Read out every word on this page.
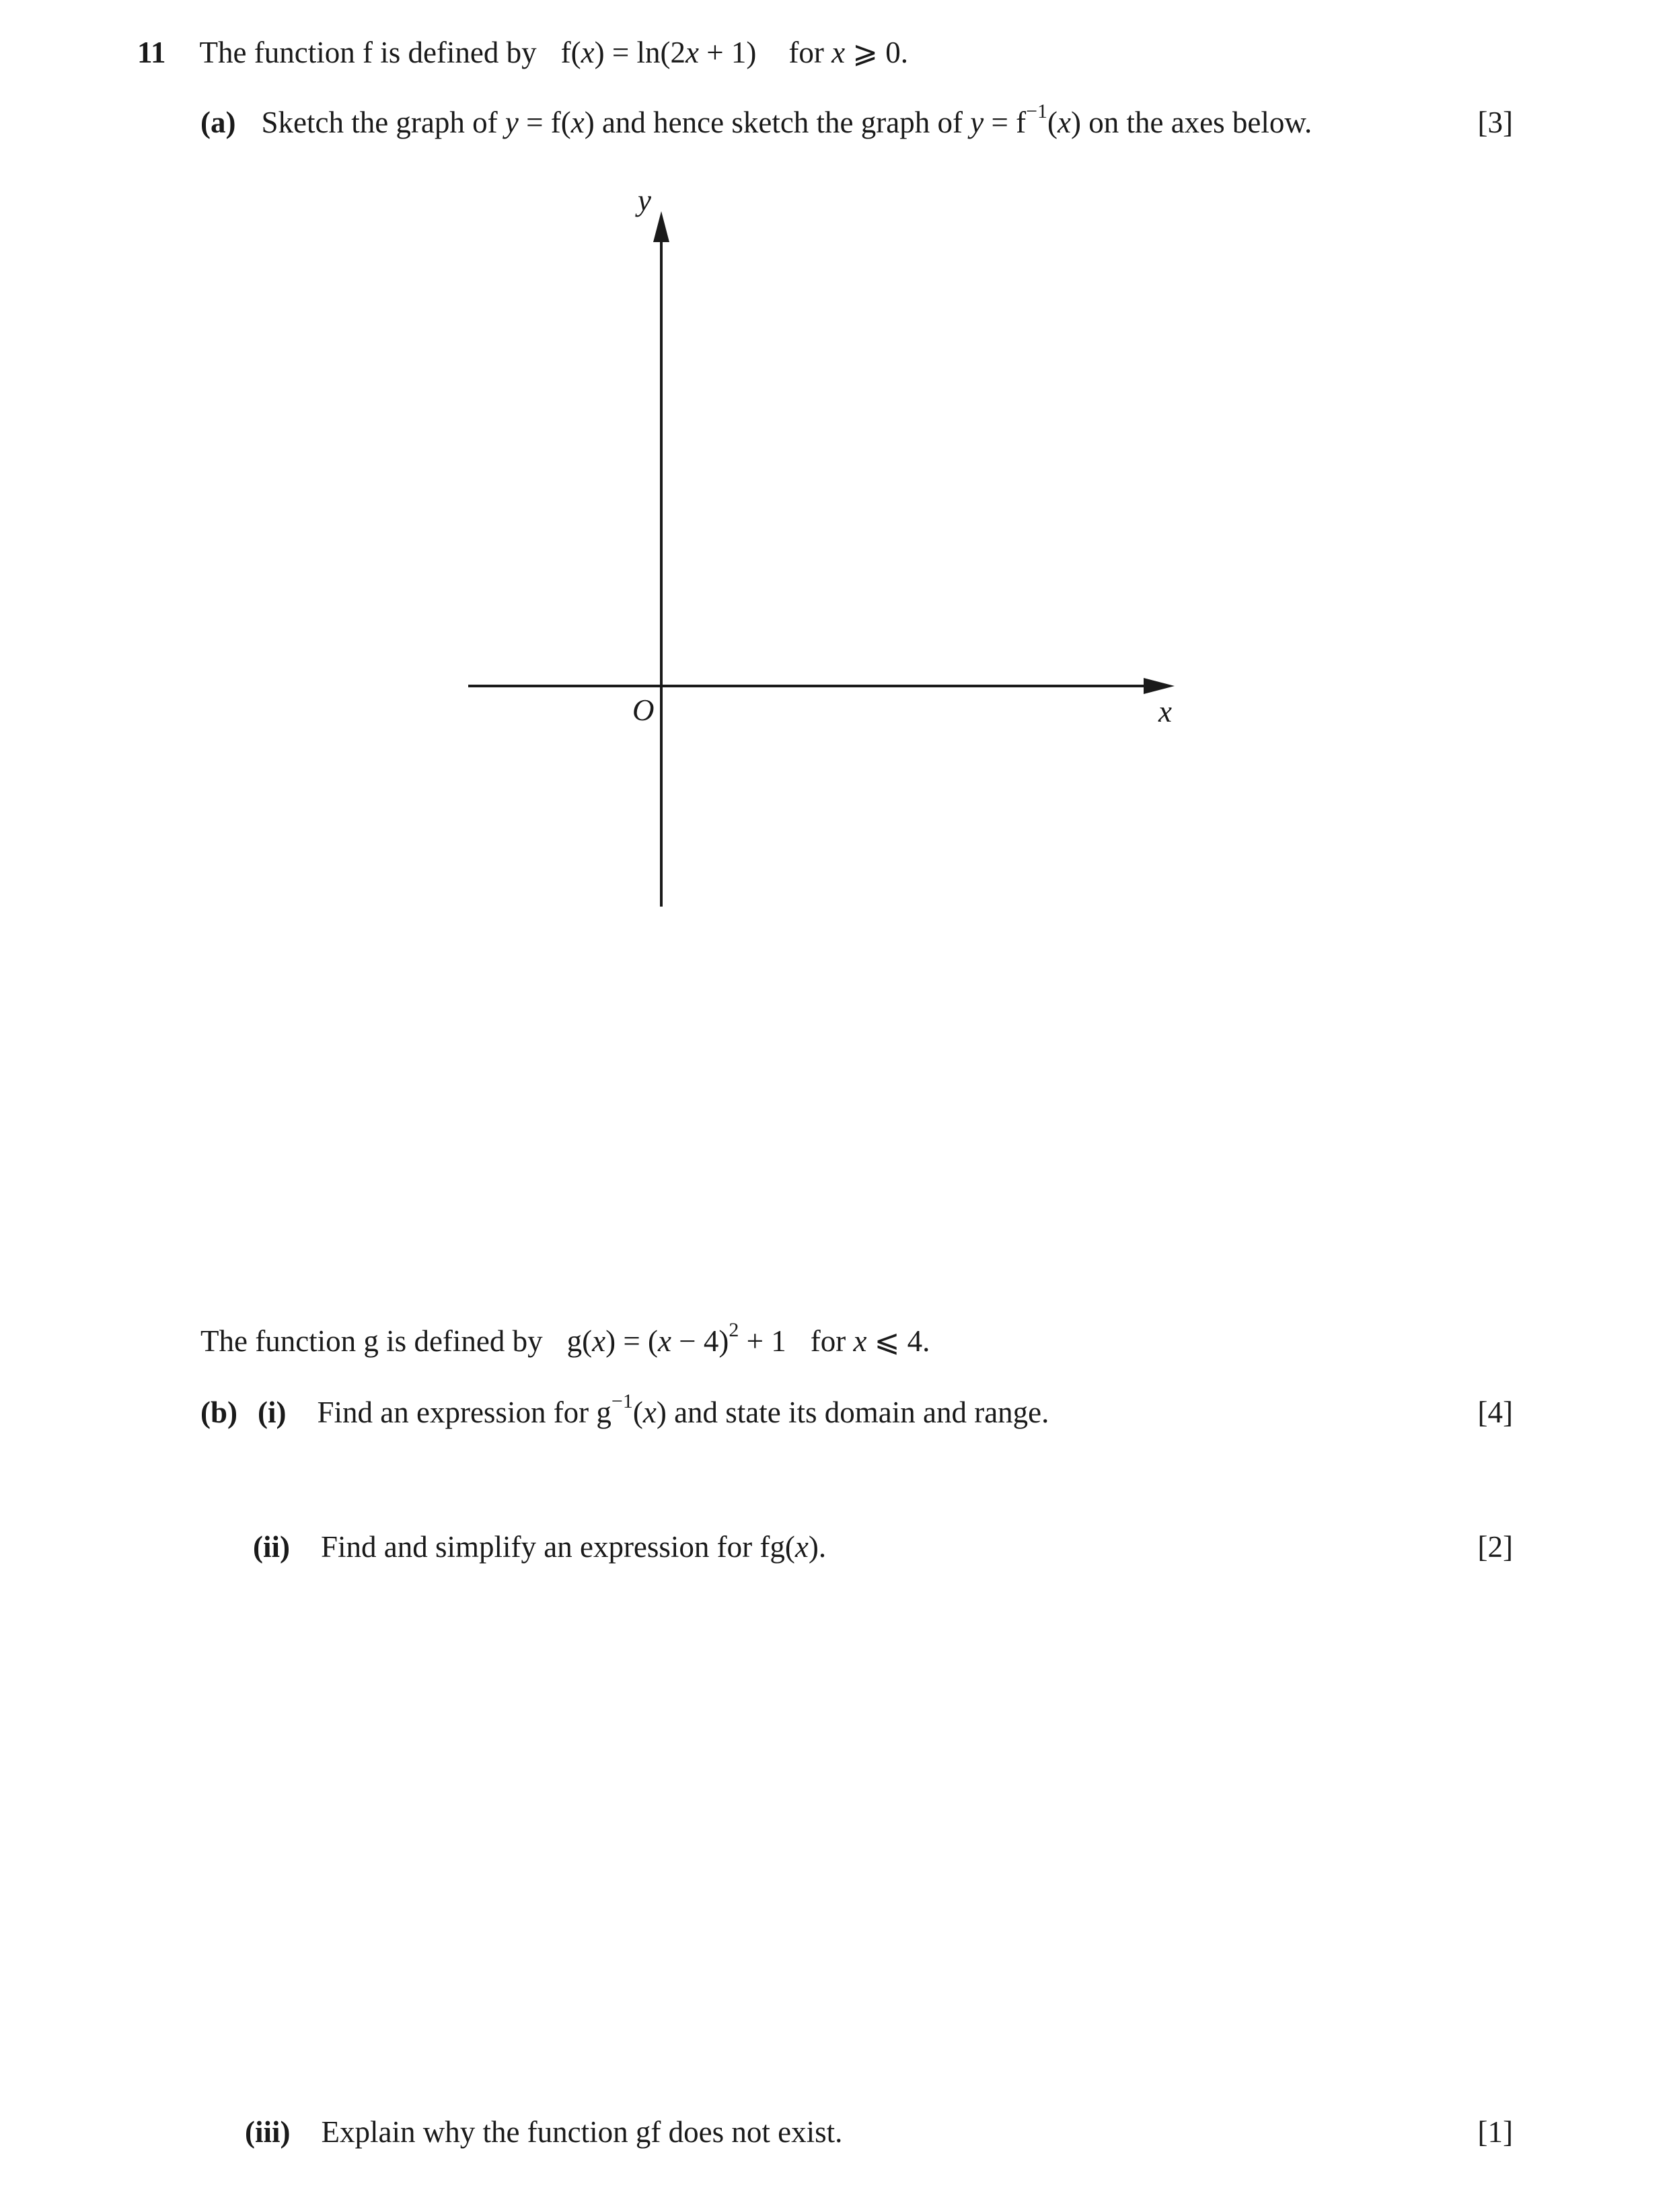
11 The function f is defined by f(x) = ln(2x + 1) for x ⩾ 0.
(a) Sketch the graph of y = f(x) and hence sketch the graph of $y = f^{-1}(x)$ on the axes below.	[3]
y
x
O
The function g is defined by $g(x) = (x - 4)^2 + 1$ for x ⩽ 4.
(b) (i) Find an expression for $g^{-1}(x)$ and state its domain and range.	[4]
(ii) Find and simplify an expression for fg(x).	[2]
(iii) Explain why the function gf does not exist.	[1]
